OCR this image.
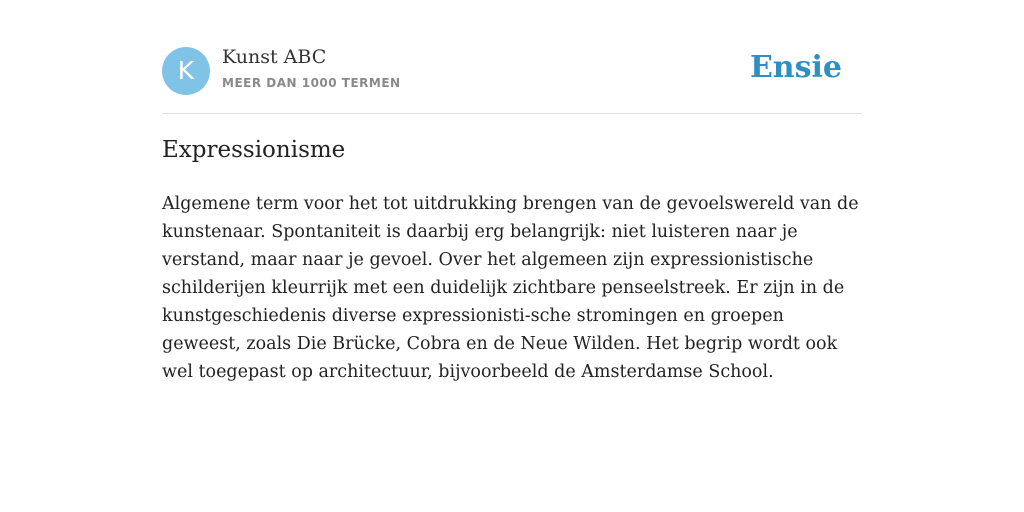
K	Kunst ABC
MEER DAN 1000 TERMEN	Ensie
Expressionisme

Algemene term voor het tot uitdrukking brengen van de gevoelswereld van de kunstenaar. Spontaniteit is daarbij erg belangrijk: niet luisteren naar je verstand, maar naar je gevoel. Over het algemeen zijn expressionistische schilderijen kleurrijk met een duidelijk zichtbare penseelstreek. Er zijn in de kunstgeschiedenis diverse expressionisti-sche stromingen en groepen geweest, zoals Die Brücke, Cobra en de Neue Wilden. Het begrip wordt ook wel toegepast op architectuur, bijvoorbeeld de Amsterdamse School.
